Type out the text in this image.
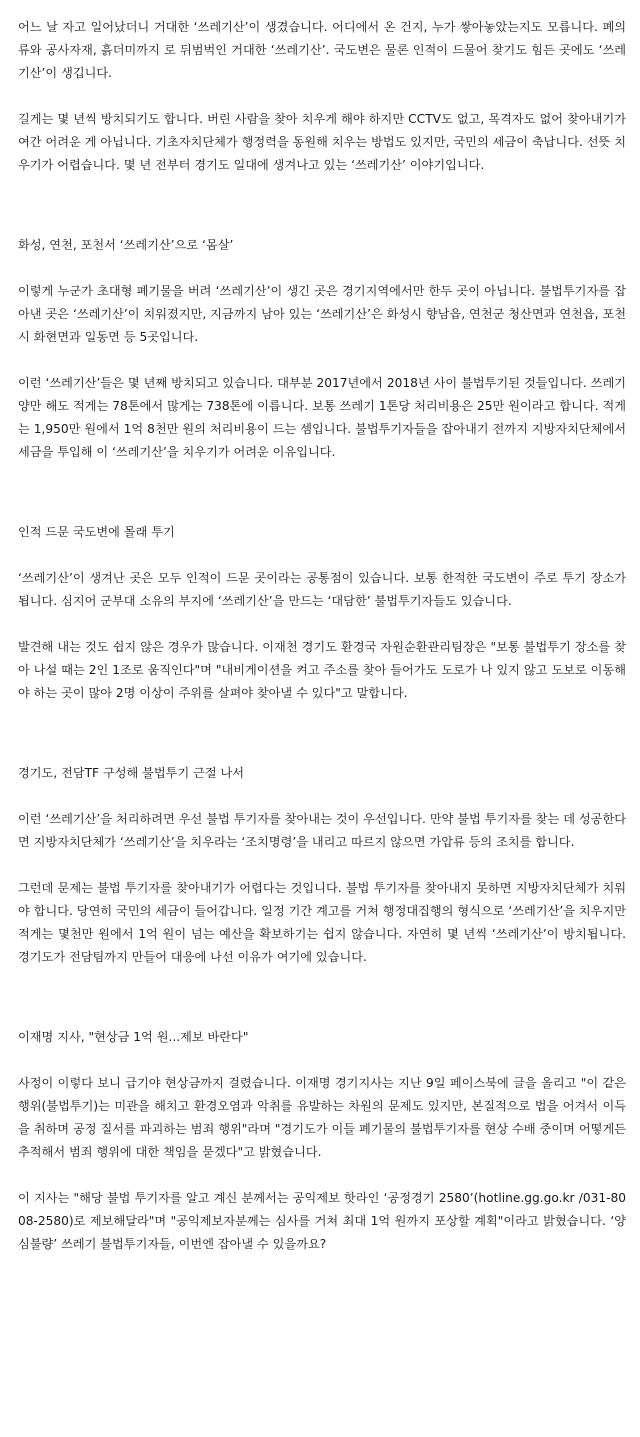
어느 날 자고 일어났더니 거대한 ‘쓰레기산’이 생겼습니다. 어디에서 온 건지, 누가 쌓아놓았는지도 모릅니다. 폐의류와 공사자재, 흙더미까지 로 뒤범벅인 거대한 ‘쓰레기산’. 국도변은 물론 인적이 드물어 찾기도 힘든 곳에도 ‘쓰레기산’이 생깁니다.

길게는 몇 년씩 방치되기도 합니다. 버린 사람을 찾아 치우게 해야 하지만 CCTV도 없고, 목격자도 없어 찾아내기가 여간 어려운 게 아닙니다. 기초자치단체가 행정력을 동원해 치우는 방법도 있지만, 국민의 세금이 축납니다. 선뜻 치우기가 어렵습니다. 몇 년 전부터 경기도 일대에 생겨나고 있는 ‘쓰레기산’ 이야기입니다.

화성, 연천, 포천서 ‘쓰레기산’으로 ‘몸살’

이렇게 누군가 초대형 폐기물을 버려 ‘쓰레기산’이 생긴 곳은 경기지역에서만 한두 곳이 아닙니다. 불법투기자를 잡아낸 곳은 ‘쓰레기산’이 치워졌지만, 지금까지 남아 있는 ‘쓰레기산’은 화성시 향남읍, 연천군 청산면과 연천읍, 포천시 화현면과 일동면 등 5곳입니다.

이런 ‘쓰레기산’들은 몇 년째 방치되고 있습니다. 대부분 2017년에서 2018년 사이 불법투기된 것들입니다. 쓰레기양만 해도 적게는 78톤에서 많게는 738톤에 이릅니다. 보통 쓰레기 1톤당 처리비용은 25만 원이라고 합니다. 적게는 1,950만 원에서 1억 8천만 원의 처리비용이 드는 셈입니다. 불법투기자들을 잡아내기 전까지 지방자치단체에서 세금을 투입해 이 ‘쓰레기산’을 치우기가 어려운 이유입니다.

인적 드문 국도변에 몰래 투기

‘쓰레기산’이 생겨난 곳은 모두 인적이 드문 곳이라는 공통점이 있습니다. 보통 한적한 국도변이 주로 투기 장소가 됩니다. 심지어 군부대 소유의 부지에 ‘쓰레기산’을 만드는 ‘대담한’ 불법투기자들도 있습니다.

발견해 내는 것도 쉽지 않은 경우가 많습니다. 이재천 경기도 환경국 자원순환관리팀장은 "보통 불법투기 장소를 찾아 나설 때는 2인 1조로 움직인다"며 "내비게이션을 켜고 주소를 찾아 들어가도 도로가 나 있지 않고 도보로 이동해야 하는 곳이 많아 2명 이상이 주위를 살펴야 찾아낼 수 있다"고 말합니다.

경기도, 전담TF 구성해 불법투기 근절 나서

이런 ‘쓰레기산’을 처리하려면 우선 불법 투기자를 찾아내는 것이 우선입니다. 만약 불법 투기자를 찾는 데 성공한다면 지방자치단체가 ‘쓰레기산’을 치우라는 ‘조치명령’을 내리고 따르지 않으면 가압류 등의 조치를 합니다.

그런데 문제는 불법 투기자를 찾아내기가 어렵다는 것입니다. 불법 투기자를 찾아내지 못하면 지방자치단체가 치워야 합니다. 당연히 국민의 세금이 들어갑니다. 일정 기간 계고를 거쳐 행정대집행의 형식으로 ‘쓰레기산’을 치우지만 적게는 몇천만 원에서 1억 원이 넘는 예산을 확보하기는 쉽지 않습니다. 자연히 몇 년씩 ‘쓰레기산’이 방치됩니다. 경기도가 전담팀까지 만들어 대응에 나선 이유가 여기에 있습니다.

이재명 지사, "현상금 1억 원...제보 바란다"

사정이 이렇다 보니 급기야 현상금까지 걸렸습니다. 이재명 경기지사는 지난 9일 페이스북에 글을 올리고 "이 같은 행위(불법투기)는 미관을 해치고 환경오염과 악취를 유발하는 차원의 문제도 있지만, 본질적으로 법을 어겨서 이득을 취하며 공정 질서를 파괴하는 범죄 행위"라며 "경기도가 이들 폐기물의 불법투기자를 현상 수배 중이며 어떻게든 추적해서 범죄 행위에 대한 책임을 묻겠다"고 밝혔습니다.

이 지사는 "해당 불법 투기자를 알고 계신 분께서는 공익제보 핫라인 ‘공정경기 2580’(hotline.gg.go.kr /031-8008-2580)로 제보해달라"며 "공익제보자분께는 심사를 거쳐 최대 1억 원까지 포상할 계획"이라고 밝혔습니다. ‘양심불량’ 쓰레기 불법투기자들, 이번엔 잡아낼 수 있을까요?
